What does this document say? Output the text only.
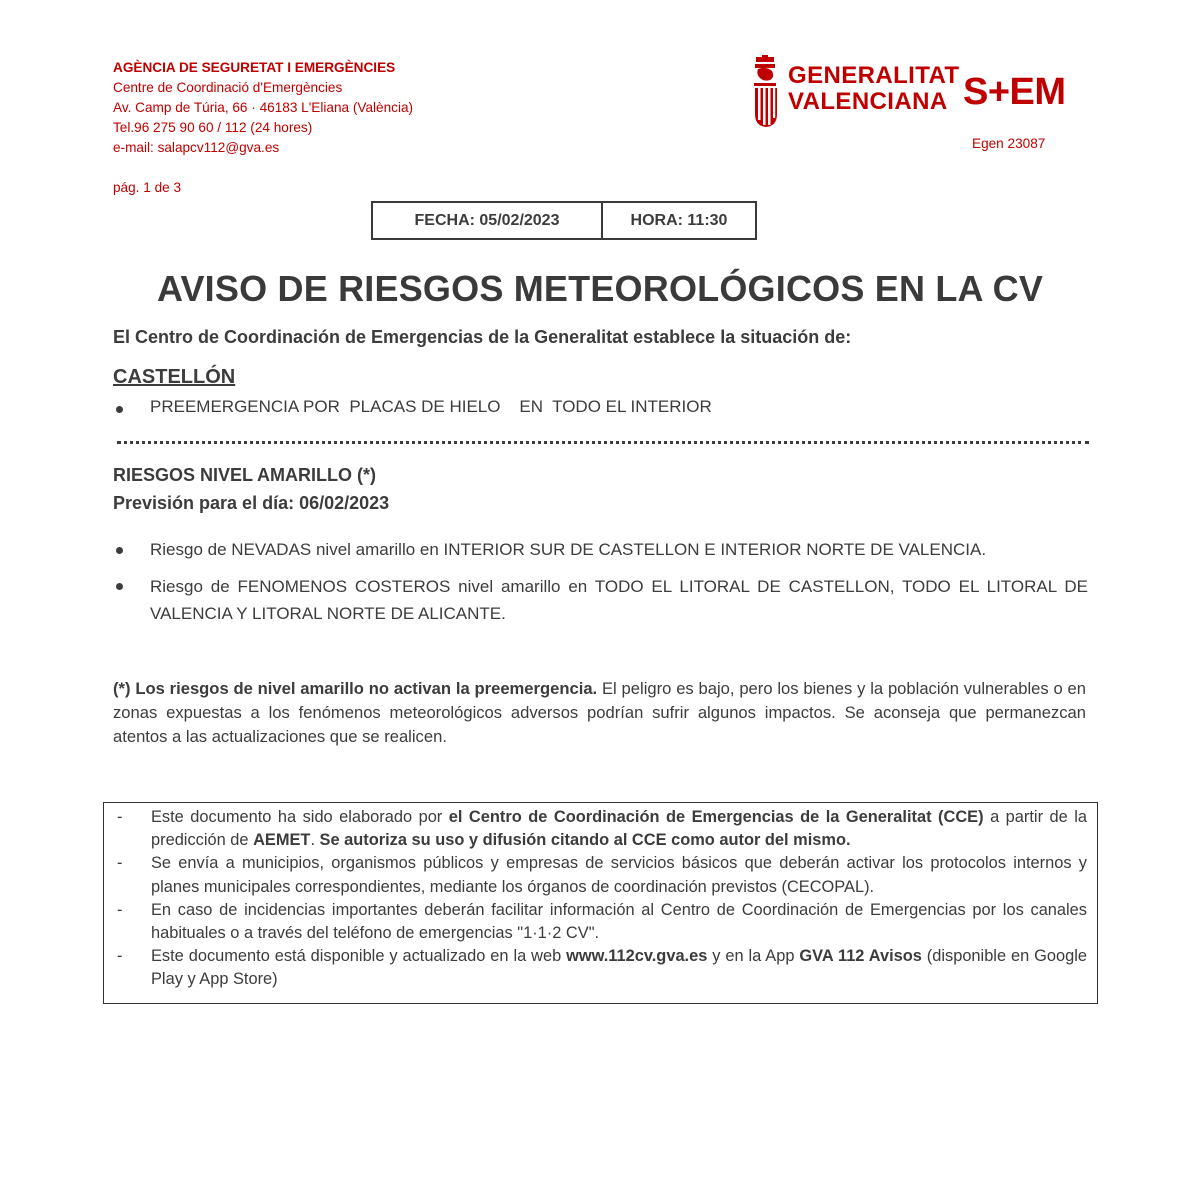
AGÈNCIA DE SEGURETAT I EMERGÈNCIES
Centre de Coordinació d'Emergències
Av. Camp de Túria, 66 · 46183 L'Eliana (València)
Tel.96 275 90 60 / 112 (24 hores)
e-mail: salapcv112@gva.es
GENERALITAT
VALENCIANA S+EM
Egen 23087
pág. 1 de 3
FECHA: 05/02/2023	HORA: 11:30
AVISO DE RIESGOS METEOROLÓGICOS EN LA CV
El Centro de Coordinación de Emergencias de la Generalitat establece la situación de:
CASTELLÓN
PREEMERGENCIA POR  PLACAS DE HIELO    EN  TODO EL INTERIOR
RIESGOS NIVEL AMARILLO (*)
Previsión para el día: 06/02/2023
Riesgo de NEVADAS nivel amarillo en INTERIOR SUR DE CASTELLON E INTERIOR NORTE DE VALENCIA.
Riesgo de FENOMENOS COSTEROS nivel amarillo en TODO EL LITORAL DE CASTELLON, TODO EL LITORAL DE VALENCIA Y LITORAL NORTE DE ALICANTE.
(*) Los riesgos de nivel amarillo no activan la preemergencia. El peligro es bajo, pero los bienes y la población vulnerables o en zonas expuestas a los fenómenos meteorológicos adversos podrían sufrir algunos impactos. Se aconseja que permanezcan atentos a las actualizaciones que se realicen.
- Este documento ha sido elaborado por el Centro de Coordinación de Emergencias de la Generalitat (CCE) a partir de la predicción de AEMET. Se autoriza su uso y difusión citando al CCE como autor del mismo.
- Se envía a municipios, organismos públicos y empresas de servicios básicos que deberán activar los protocolos internos y planes municipales correspondientes, mediante los órganos de coordinación previstos (CECOPAL).
- En caso de incidencias importantes deberán facilitar información al Centro de Coordinación de Emergencias por los canales habituales o a través del teléfono de emergencias "1·1·2 CV".
- Este documento está disponible y actualizado en la web www.112cv.gva.es y en la App GVA 112 Avisos (disponible en Google Play y App Store)
